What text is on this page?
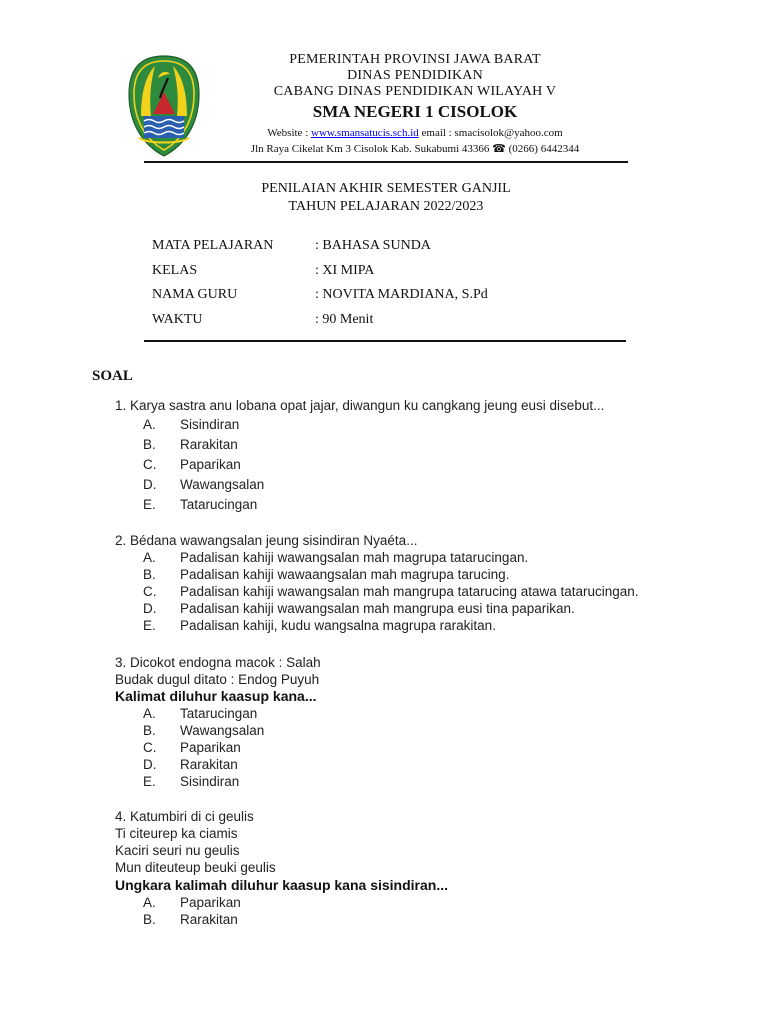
PEMERINTAH PROVINSI JAWA BARAT
DINAS PENDIDIKAN
CABANG DINAS PENDIDIKAN WILAYAH V
SMA NEGERI 1 CISOLOK
Website : www.smansatucis.sch.id email : smacisolok@yahoo.com
Jln Raya Cikelat Km 3 Cisolok Kab. Sukabumi 43366 ☎ (0266) 6442344
PENILAIAN AKHIR SEMESTER GANJIL
TAHUN PELAJARAN 2022/2023
MATA PELAJARAN	: BAHASA SUNDA
KELAS	: XI MIPA
NAMA GURU	: NOVITA MARDIANA, S.Pd
WAKTU	: 90 Menit
SOAL
1. Karya sastra anu lobana opat jajar, diwangun ku cangkang jeung eusi disebut...
A. Sisindiran
B. Rarakitan
C. Paparikan
D. Wawangsalan
E. Tatarucingan
2. Bédana wawangsalan jeung sisindiran Nyaéta...
A. Padalisan kahiji wawangsalan mah magrupa tatarucingan.
B. Padalisan kahiji wawaangsalan mah magrupa tarucing.
C. Padalisan kahiji wawangsalan mah mangrupa tatarucing atawa tatarucingan.
D. Padalisan kahiji wawangsalan mah mangrupa eusi tina paparikan.
E. Padalisan kahiji, kudu wangsalna magrupa rarakitan.
3. Dicokot endogna macok : Salah
Budak dugul ditato : Endog Puyuh
Kalimat diluhur kaasup kana...
A. Tatarucingan
B. Wawangsalan
C. Paparikan
D. Rarakitan
E. Sisindiran
4. Katumbiri di ci geulis
Ti citeurep ka ciamis
Kaciri seuri nu geulis
Mun diteuteup beuki geulis
Ungkara kalimah diluhur kaasup kana sisindiran...
A. Paparikan
B. Rarakitan
